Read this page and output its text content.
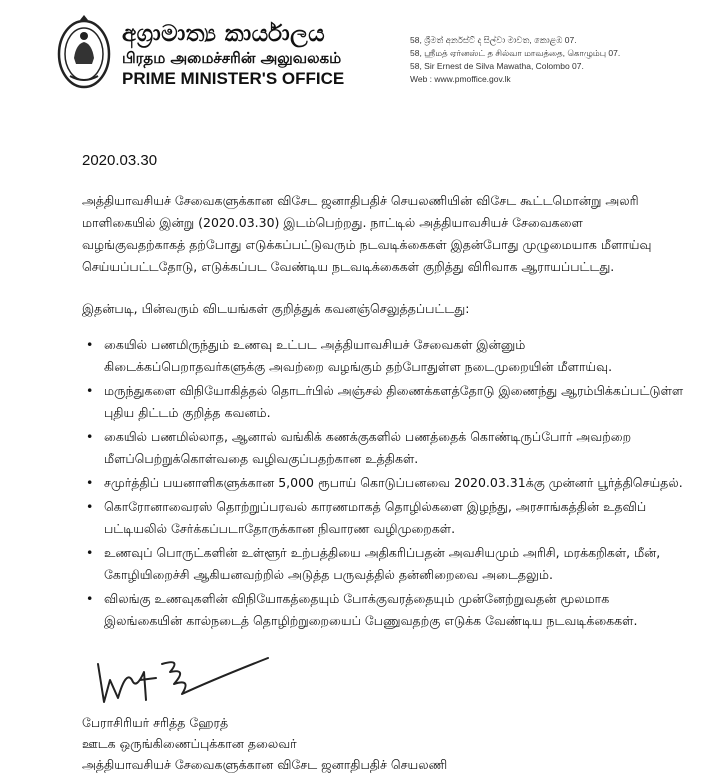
අග්‍රාමාත්‍ය කාර්යාලය
பிரதம அமைச்சரின் அலுவலகம்
PRIME MINISTER'S OFFICE
58, ශ්‍රීමත් අර්නස්ට් ද සිල්වා මාවත, කොළඹ 07.
58, ஸ்ரீமத் ஏர்னஸ்ட் த சில்வா மாவத்தை, கொழும்பு 07.
58, Sir Ernest de Silva Mawatha, Colombo 07.
Web : www.pmoffice.gov.lk
2020.03.30

அத்தியாவசியச் சேவைகளுக்கான விசேட ஜனாதிபதிச் செயலணியின் விசேட கூட்டமொன்று அலரி மாளிகையில் இன்று (2020.03.30) இடம்பெற்றது. நாட்டில் அத்தியாவசியச் சேவைகளை வழங்குவதற்காகத் தற்போது எடுக்கப்பட்டுவரும் நடவடிக்கைகள் இதன்போது முழுமையாக மீளாய்வு செய்யப்பட்டதோடு, எடுக்கப்பட வேண்டிய நடவடிக்கைகள் குறித்து விரிவாக ஆராயப்பட்டது.

இதன்படி, பின்வரும் விடயங்கள் குறித்துக் கவனஞ்செலுத்தப்பட்டது:

• கையில் பணமிருந்தும் உணவு உட்பட அத்தியாவசியச் சேவைகள் இன்னும் கிடைக்கப்பெறாதவர்களுக்கு அவற்றை வழங்கும் தற்போதுள்ள நடைமுறையின் மீளாய்வு.
• மருந்துகளை விநியோகித்தல் தொடர்பில் அஞ்சல் திணைக்களத்தோடு இணைந்து ஆரம்பிக்கப்பட்டுள்ள புதிய திட்டம் குறித்த கவனம்.
• கையில் பணமில்லாத, ஆனால் வங்கிக் கணக்குகளில் பணத்தைக் கொண்டிருப்போர் அவற்றை மீளப்பெற்றுக்கொள்வதை வழிவகுப்பதற்கான உத்திகள்.
• சமுர்த்திப் பயனாளிகளுக்கான 5,000 ரூபாய் கொடுப்பனவை 2020.03.31க்கு முன்னர் பூர்த்திசெய்தல்.
• கொரோனாவைரஸ் தொற்றுப்பரவல் காரணமாகத் தொழில்களை இழந்து, அரசாங்கத்தின் உதவிப் பட்டியலில் சேர்க்கப்படாதோருக்கான நிவாரண வழிமுறைகள்.
• உணவுப் பொருட்களின் உள்ளூர் உற்பத்தியை அதிகரிப்பதன் அவசியமும் அரிசி, மரக்கறிகள், மீன், கோழியிறைச்சி ஆகியனவற்றில் அடுத்த பருவத்தில் தன்னிறைவை அடைதலும்.
• விலங்கு உணவுகளின் விநியோகத்தையும் போக்குவரத்தையும் முன்னேற்றுவதன் மூலமாக இலங்கையின் கால்நடைத் தொழிற்றுறையைப் பேணுவதற்கு எடுக்க வேண்டிய நடவடிக்கைகள்.
பேராசிரியர் சரித்த ஹேரத்
ஊடக ஒருங்கிணைப்புக்கான தலைவர்
அத்தியாவசியச் சேவைகளுக்கான விசேட ஜனாதிபதிச் செயலணி
